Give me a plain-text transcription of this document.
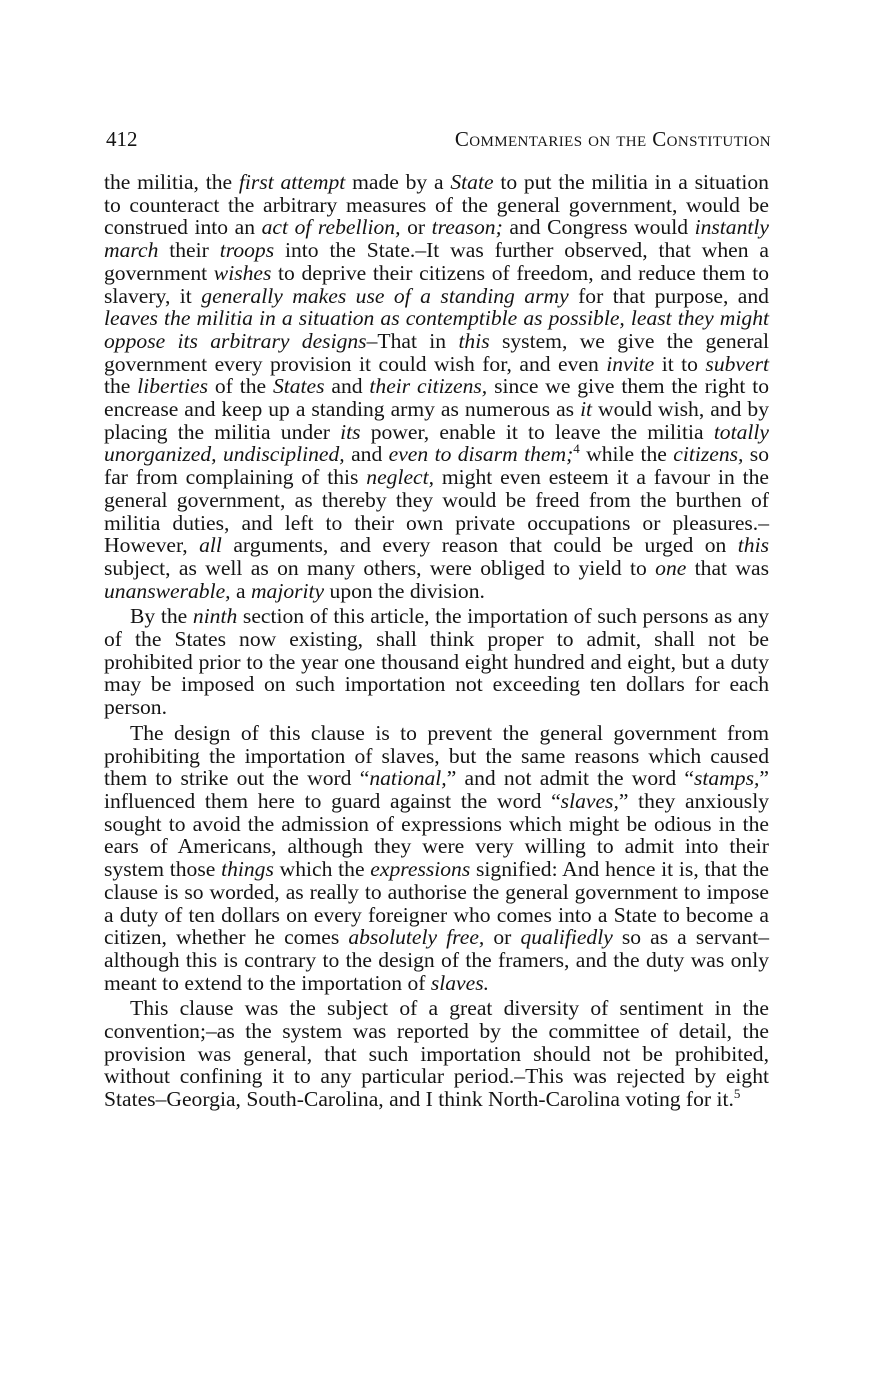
412	Commentaries on the Constitution

the militia, the first attempt made by a State to put the militia in a situation to counteract the arbitrary measures of the general government, would be construed into an act of rebellion, or treason; and Congress would instantly march their troops into the State.–It was further observed, that when a government wishes to deprive their citizens of freedom, and reduce them to slavery, it generally makes use of a standing army for that purpose, and leaves the militia in a situation as contemptible as possible, least they might oppose its arbitrary designs–That in this system, we give the general government every provision it could wish for, and even invite it to subvert the liberties of the States and their citizens, since we give them the right to encrease and keep up a standing army as numerous as it would wish, and by placing the militia under its power, enable it to leave the militia totally unorganized, undisciplined, and even to disarm them;$^4$ while the citizens, so far from complaining of this neglect, might even esteem it a favour in the general government, as thereby they would be freed from the burthen of militia duties, and left to their own private occupations or pleasures.–However, all arguments, and every reason that could be urged on this subject, as well as on many others, were obliged to yield to one that was unanswerable, a majority upon the division.

By the ninth section of this article, the importation of such persons as any of the States now existing, shall think proper to admit, shall not be prohibited prior to the year one thousand eight hundred and eight, but a duty may be imposed on such importation not exceeding ten dollars for each person.

The design of this clause is to prevent the general government from prohibiting the importation of slaves, but the same reasons which caused them to strike out the word “national,” and not admit the word “stamps,” influenced them here to guard against the word “slaves,” they anxiously sought to avoid the admission of expressions which might be odious in the ears of Americans, although they were very willing to admit into their system those things which the expressions signified: And hence it is, that the clause is so worded, as really to authorise the general government to impose a duty of ten dollars on every foreigner who comes into a State to become a citizen, whether he comes absolutely free, or qualifiedly so as a servant–although this is contrary to the design of the framers, and the duty was only meant to extend to the importation of slaves.

This clause was the subject of a great diversity of sentiment in the convention;–as the system was reported by the committee of detail, the provision was general, that such importation should not be prohibited, without confining it to any particular period.–This was rejected by eight States–Georgia, South-Carolina, and I think North-Carolina voting for it.$^5$
